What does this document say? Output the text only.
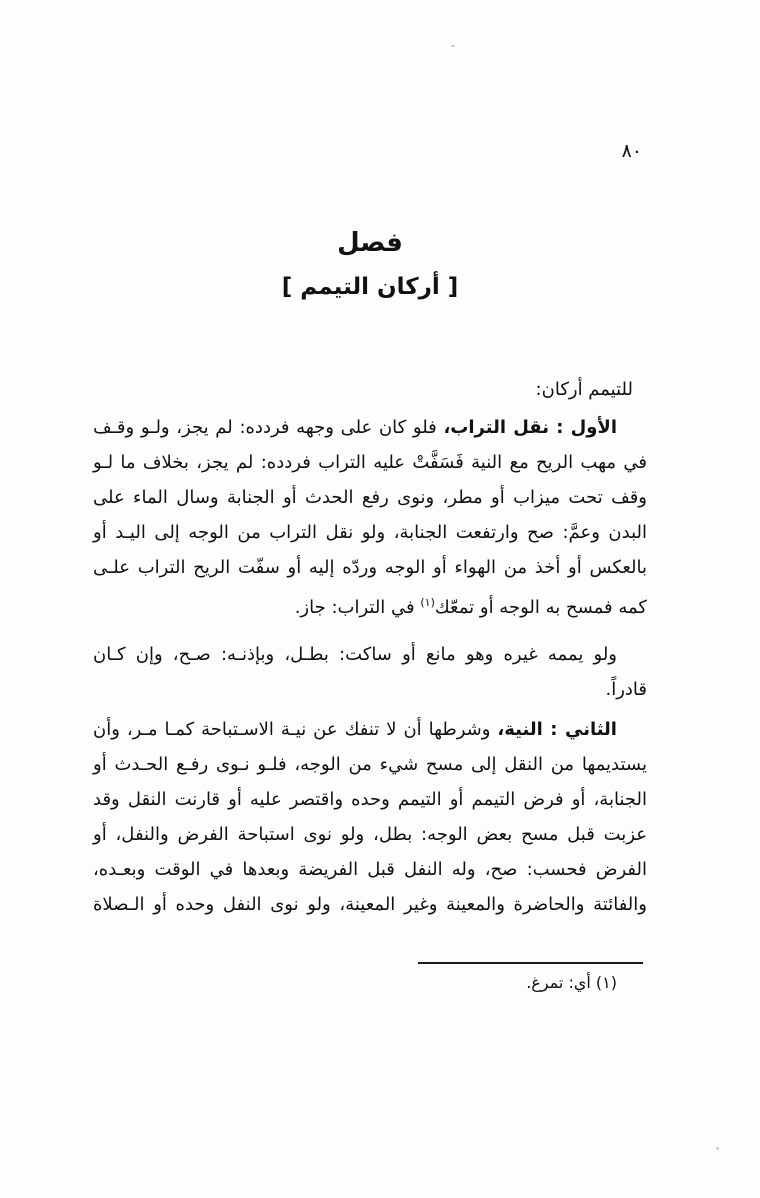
٨٠
فصل
[ أركان التيمم ]
للتيمم أركان:
الأول : نقل التراب، فلو كان على وجهه فردده: لم يجز، ولـو وقـف
في مهب الريح مع النية فَسَفَّتْ عليه التراب فردده: لم يجز، بخلاف ما لـو
وقف تحت ميزاب أو مطر، ونوى رفع الحدث أو الجنابة وسال الماء على
البدن وعمَّ: صح وارتفعت الجنابة، ولو نقل التراب من الوجه إلى اليـد أو
بالعكس أو أخذ من الهواء أو الوجه وردّه إليه أو سفّت الريح التراب علـى
كمه فمسح به الوجه أو تمعّك$^{(١)}$ في التراب: جاز.
ولو يممه غيره وهو مانع أو ساكت: بطـل، وبإذنـه: صـح، وإن كـان
قادراً.
الثاني : النية، وشرطها أن لا تنفك عن نيـة الاسـتباحة كمـا مـر، وأن
يستديمها من النقل إلى مسح شيء من الوجه، فلـو نـوى رفـع الحـدث أو
الجنابة، أو فرض التيمم أو التيمم وحده واقتصر عليه أو قارنت النقل وقد
عزبت قبل مسح بعض الوجه: بطل، ولو نوى استباحة الفرض والنفل، أو
الفرض فحسب: صح، وله النفل قبل الفريضة وبعدها في الوقت وبعـده،
والفائتة والحاضرة والمعينة وغير المعينة، ولو نوى النفل وحده أو الـصلاة
(١) أي: تمرغ.
